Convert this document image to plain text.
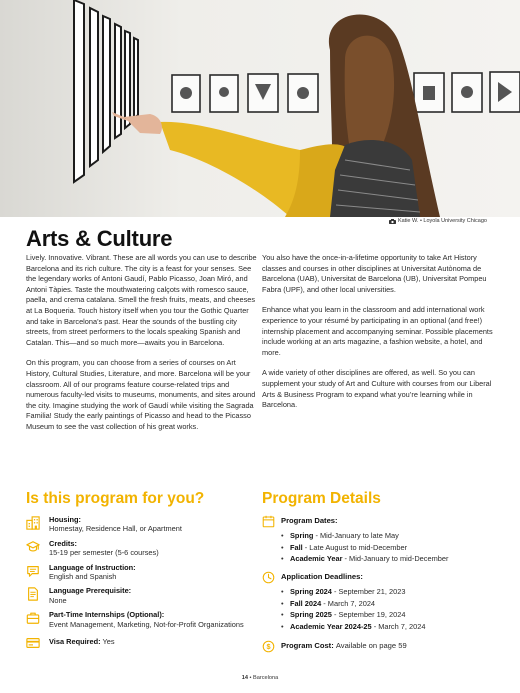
Katie W. • Loyola University Chicago
Arts & Culture

Lively. Innovative. Vibrant. These are all words you can use to describe Barcelona and its rich culture. The city is a feast for your senses. See the legendary works of Antoni Gaudí, Pablo Picasso, Joan Miró, and Antoni Tàpies. Taste the mouthwatering calçots with romesco sauce, paella, and crema catalana. Smell the fresh fruits, meats, and cheeses at La Boqueria. Touch history itself when you tour the Gothic Quarter and take in Barcelona’s past. Hear the sounds of the bustling city streets, from street performers to the locals speaking Spanish and Catalan. This—and so much more—awaits you in Barcelona.

On this program, you can choose from a series of courses on Art History, Cultural Studies, Literature, and more. Barcelona will be your classroom. All of our programs feature course-related trips and numerous faculty-led visits to museums, monuments, and sites around the city. Imagine studying the work of Gaudí while visiting the Sagrada Familia! Study the early paintings of Picasso and head to the Picasso Museum to see the vast collection of his great works.

You also have the once-in-a-lifetime opportunity to take Art History classes and courses in other disciplines at Universitat Autònoma de Barcelona (UAB), Universitat de Barcelona (UB), Universitat Pompeu Fabra (UPF), and other local universities.

Enhance what you learn in the classroom and add international work experience to your résumé by participating in an optional (and free!) internship placement and accompanying seminar. Possible placements include working at an arts magazine, a fashion website, a hotel, and more.

A wide variety of other disciplines are offered, as well. So you can supplement your study of Art and Culture with courses from our Liberal Arts & Business Program to expand what you’re learning while in Barcelona.

Is this program for you?
Housing:
Homestay, Residence Hall, or Apartment
Credits:
15-19 per semester (5-6 courses)
Language of Instruction:
English and Spanish
Language Prerequisite:
None
Part-Time Internships (Optional):
Event Management, Marketing, Not-for-Profit Organizations
Visa Required: Yes
Program Details
Program Dates:
• Spring - Mid-January to late May
• Fall - Late August to mid-December
• Academic Year - Mid-January to mid-December
Application Deadlines:
• Spring 2024 - September 21, 2023
• Fall 2024 - March 7, 2024
• Spring 2025 - September 19, 2024
• Academic Year 2024-25 - March 7, 2024
$ Program Cost: Available on page 59
14 • Barcelona
